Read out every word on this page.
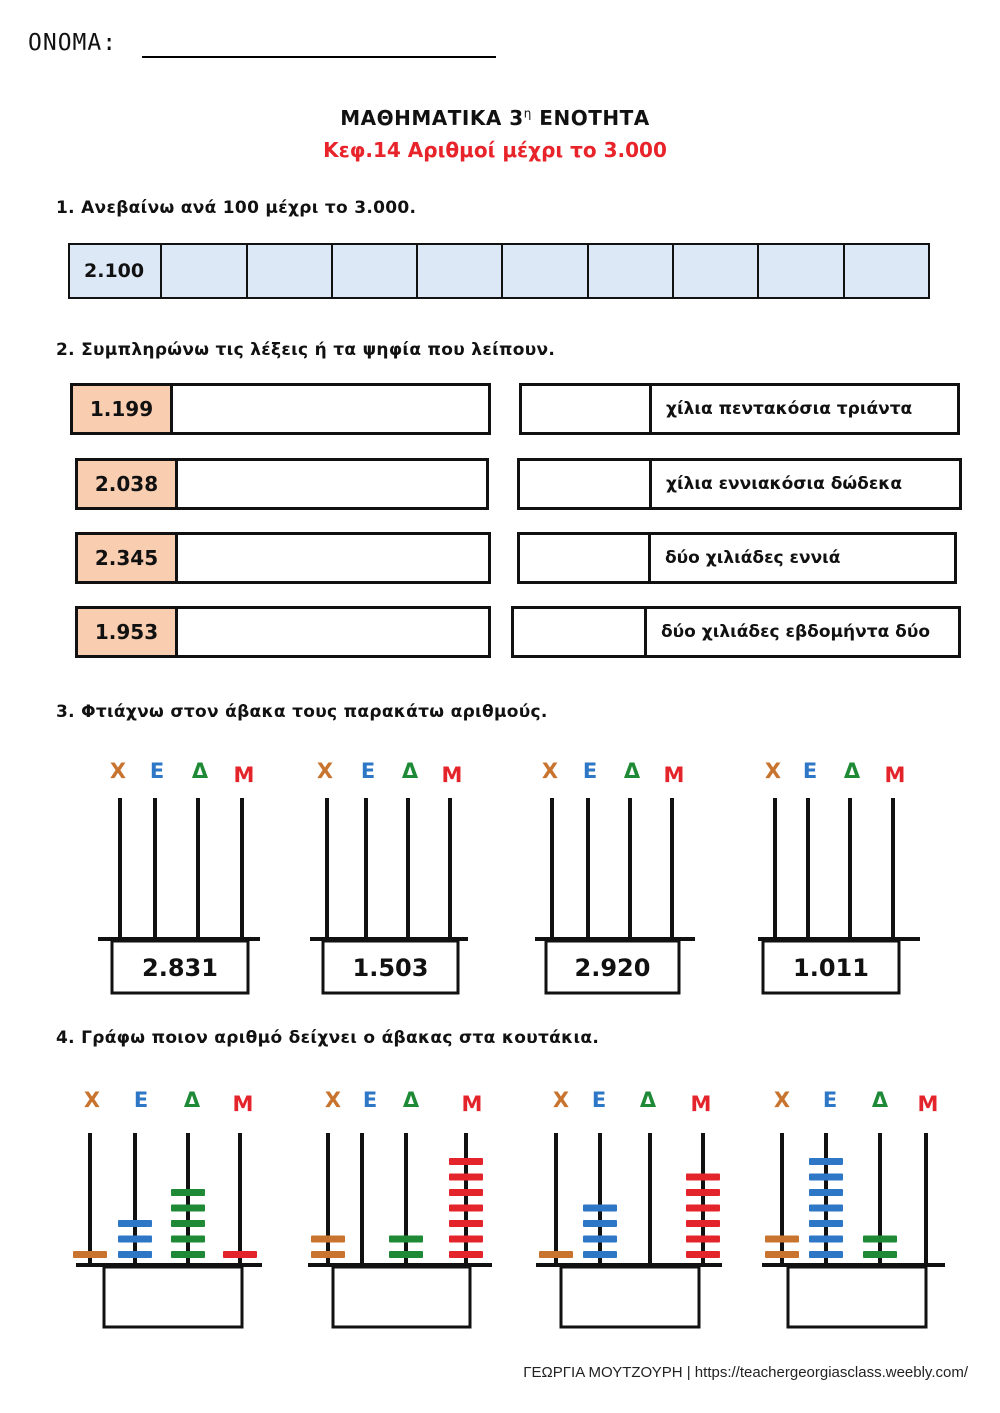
ΟΝΟΜΑ:
ΜΑΘΗΜΑΤΙΚΑ $3^\eta$ ΕΝΟΤΗΤΑ
Κεφ.14 Αριθμοί μέχρι το 3.000
1. Ανεβαίνω ανά 100 μέχρι το 3.000.
2.100
2. Συμπληρώνω τις λέξεις ή τα ψηφία που λείπουν.
1.199
2.038
2.345
1.953
χίλια πεντακόσια τριάντα
χίλια εννιακόσια δώδεκα
δύο χιλιάδες εννιά
δύο χιλιάδες εβδομήντα δύο
3. Φτιάχνω στον άβακα τους παρακάτω αριθμούς.
Χ Ε Δ Μ
2.831
Χ Ε Δ Μ
1.503
Χ Ε Δ Μ
2.920
Χ Ε Δ Μ
1.011
4. Γράφω ποιον αριθμό δείχνει ο άβακας στα κουτάκια.
Χ Ε Δ Μ	Χ Ε Δ Μ	Χ Ε Δ Μ	Χ Ε Δ Μ
ΓΕΩΡΓΙΑ ΜΟΥΤΖΟΥΡΗ | https://teachergeorgiasclass.weebly.com/
